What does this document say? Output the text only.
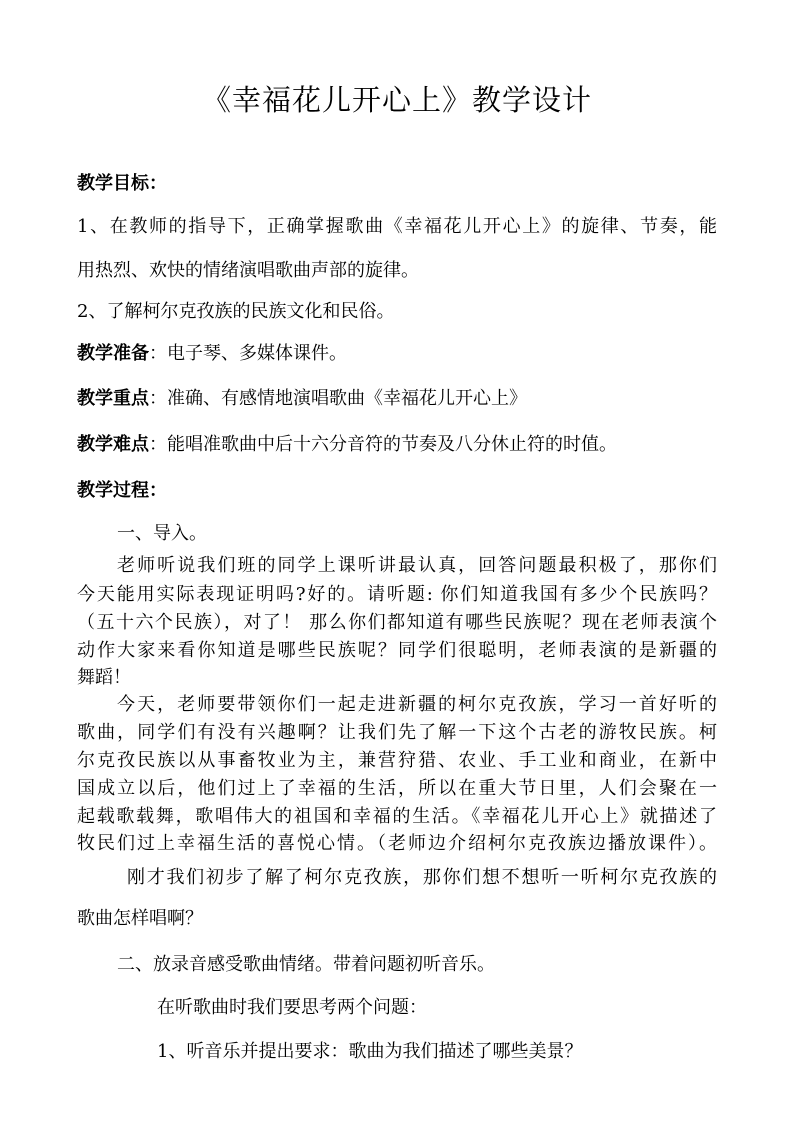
《幸福花儿开心上》教学设计
教学目标：
1、在教师的指导下，正确掌握歌曲《幸福花儿开心上》的旋律、节奏，能
用热烈、欢快的情绪演唱歌曲声部的旋律。
2、了解柯尔克孜族的民族文化和民俗。
教学准备：电子琴、多媒体课件。
教学重点：准确、有感情地演唱歌曲《幸福花儿开心上》
教学难点：能唱准歌曲中后十六分音符的节奏及八分休止符的时值。
教学过程：
一、导入。
老师听说我们班的同学上课听讲最认真，回答问题最积极了，那你们
今天能用实际表现证明吗?好的。请听题: 你们知道我国有多少个民族吗？
（五十六个民族），对了！ 那么你们都知道有哪些民族呢？现在老师表演个
动作大家来看你知道是哪些民族呢？同学们很聪明，老师表演的是新疆的
舞蹈！
今天，老师要带领你们一起走进新疆的柯尔克孜族，学习一首好听的
歌曲，同学们有没有兴趣啊？让我们先了解一下这个古老的游牧民族。柯
尔克孜民族以从事畜牧业为主，兼营狩猎、农业、手工业和商业，在新中
国成立以后，他们过上了幸福的生活，所以在重大节日里，人们会聚在一
起载歌载舞，歌唱伟大的祖国和幸福的生活。《幸福花儿开心上》就描述了
牧民们过上幸福生活的喜悦心情。（老师边介绍柯尔克孜族边播放课件）。
刚才我们初步了解了柯尔克孜族，那你们想不想听一听柯尔克孜族的
歌曲怎样唱啊？
二、放录音感受歌曲情绪。带着问题初听音乐。
在听歌曲时我们要思考两个问题：
1、听音乐并提出要求：歌曲为我们描述了哪些美景？
